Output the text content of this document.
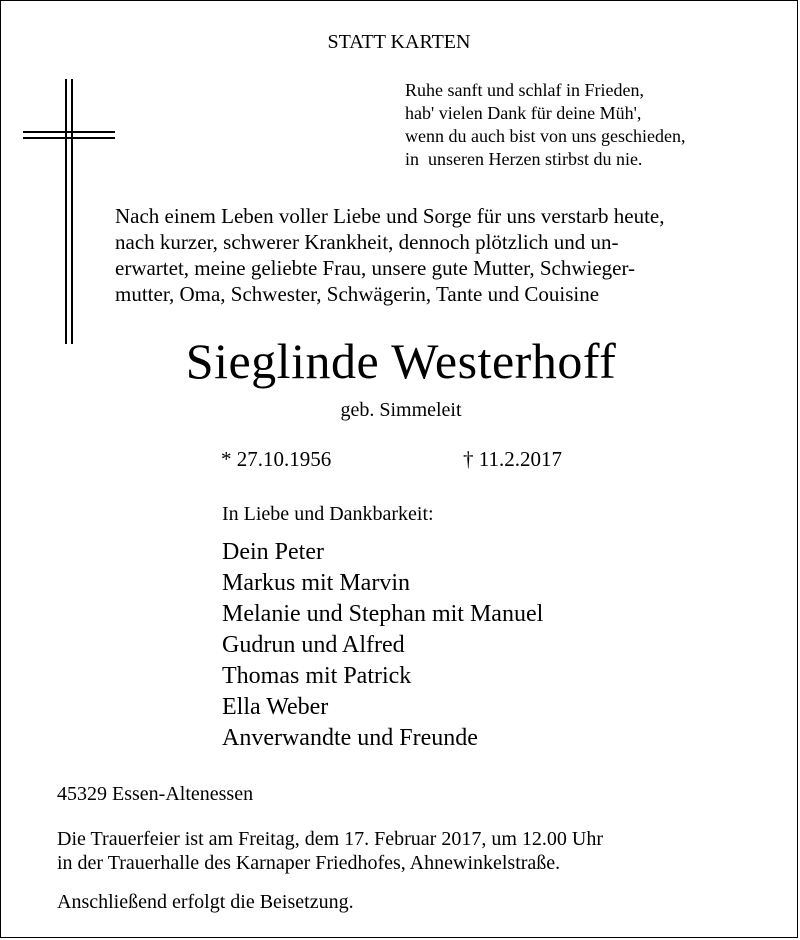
STATT KARTEN
Ruhe sanft und schlaf in Frieden,
hab' vielen Dank für deine Müh',
wenn du auch bist von uns geschieden,
in  unseren Herzen stirbst du nie.
Nach einem Leben voller Liebe und Sorge für uns verstarb heute,
nach kurzer, schwerer Krankheit, dennoch plötzlich und un-
erwartet, meine geliebte Frau, unsere gute Mutter, Schwieger-
mutter, Oma, Schwester, Schwägerin, Tante und Couisine
Sieglinde Westerhoff
geb. Simmeleit
* 27.10.1956	† 11.2.2017
In Liebe und Dankbarkeit:
Dein Peter
Markus mit Marvin
Melanie und Stephan mit Manuel
Gudrun und Alfred
Thomas mit Patrick
Ella Weber
Anverwandte und Freunde
45329 Essen-Altenessen
Die Trauerfeier ist am Freitag, dem 17. Februar 2017, um 12.00 Uhr
in der Trauerhalle des Karnaper Friedhofes, Ahnewinkelstraße.
Anschließend erfolgt die Beisetzung.
